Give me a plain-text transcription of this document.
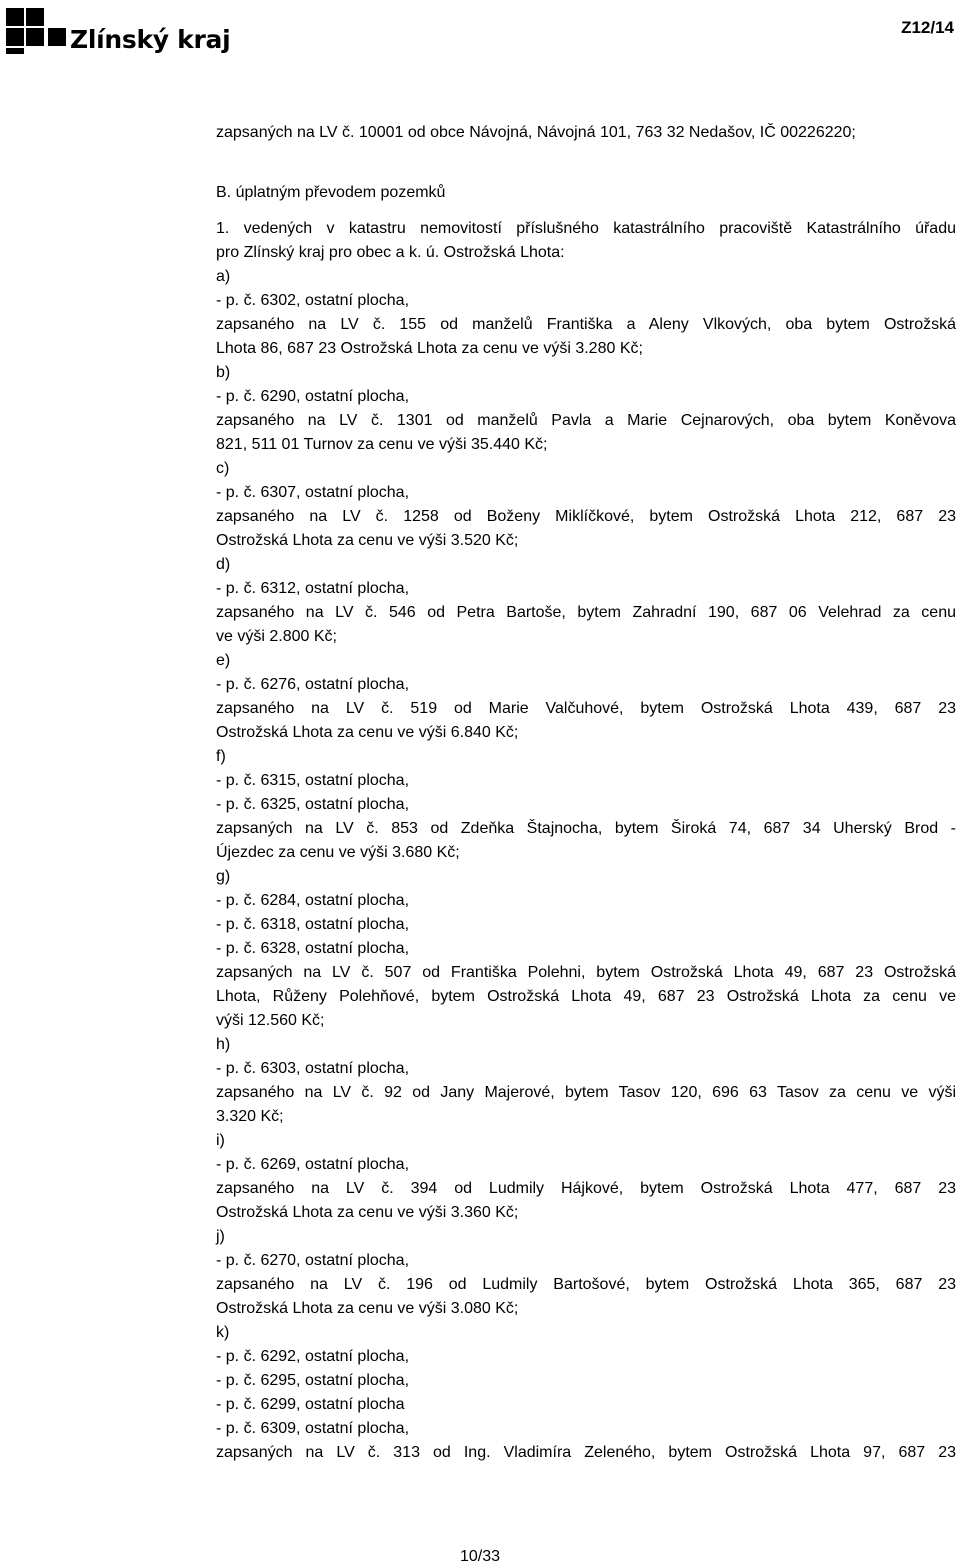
Zlínský kraj	Z12/14
zapsaných na LV č. 10001 od obce Návojná, Návojná 101, 763 32 Nedašov, IČ 00226220;
B. úplatným převodem pozemků
1. vedených v katastru nemovitostí příslušného katastrálního pracoviště Katastrálního úřadu
pro Zlínský kraj pro obec a k. ú. Ostrožská Lhota:
a)
- p. č. 6302, ostatní plocha,
zapsaného na LV č. 155 od manželů Františka a Aleny Vlkových, oba bytem Ostrožská
Lhota 86, 687 23 Ostrožská Lhota za cenu ve výši 3.280 Kč;
b)
- p. č. 6290, ostatní plocha,
zapsaného na LV č. 1301 od manželů Pavla a Marie Cejnarových, oba bytem Koněvova
821, 511 01 Turnov za cenu ve výši 35.440 Kč;
c)
- p. č. 6307, ostatní plocha,
zapsaného na LV č. 1258 od Boženy Miklíčkové, bytem Ostrožská Lhota 212, 687 23
Ostrožská Lhota za cenu ve výši 3.520 Kč;
d)
- p. č. 6312, ostatní plocha,
zapsaného na LV č. 546 od Petra Bartoše, bytem Zahradní 190, 687 06 Velehrad za cenu
ve výši 2.800 Kč;
e)
- p. č. 6276, ostatní plocha,
zapsaného na LV č. 519 od Marie Valčuhové, bytem Ostrožská Lhota 439, 687 23
Ostrožská Lhota za cenu ve výši 6.840 Kč;
f)
- p. č. 6315, ostatní plocha,
- p. č. 6325, ostatní plocha,
zapsaných na LV č. 853 od Zdeňka Štajnocha, bytem Široká 74, 687 34 Uherský Brod -
Újezdec za cenu ve výši 3.680 Kč;
g)
- p. č. 6284, ostatní plocha,
- p. č. 6318, ostatní plocha,
- p. č. 6328, ostatní plocha,
zapsaných na LV č. 507 od Františka Polehni, bytem Ostrožská Lhota 49, 687 23 Ostrožská
Lhota, Růženy Polehňové, bytem Ostrožská Lhota 49, 687 23 Ostrožská Lhota za cenu ve
výši 12.560 Kč;
h)
- p. č. 6303, ostatní plocha,
zapsaného na LV č. 92 od Jany Majerové, bytem Tasov 120, 696 63 Tasov za cenu ve výši
3.320 Kč;
i)
- p. č. 6269, ostatní plocha,
zapsaného na LV č. 394 od Ludmily Hájkové, bytem Ostrožská Lhota 477, 687 23
Ostrožská Lhota za cenu ve výši 3.360 Kč;
j)
- p. č. 6270, ostatní plocha,
zapsaného na LV č. 196 od Ludmily Bartošové, bytem Ostrožská Lhota 365, 687 23
Ostrožská Lhota za cenu ve výši 3.080 Kč;
k)
- p. č. 6292, ostatní plocha,
- p. č. 6295, ostatní plocha,
- p. č. 6299, ostatní plocha
- p. č. 6309, ostatní plocha,
zapsaných na LV č. 313 od Ing. Vladimíra Zeleného, bytem Ostrožská Lhota 97, 687 23
10/33
